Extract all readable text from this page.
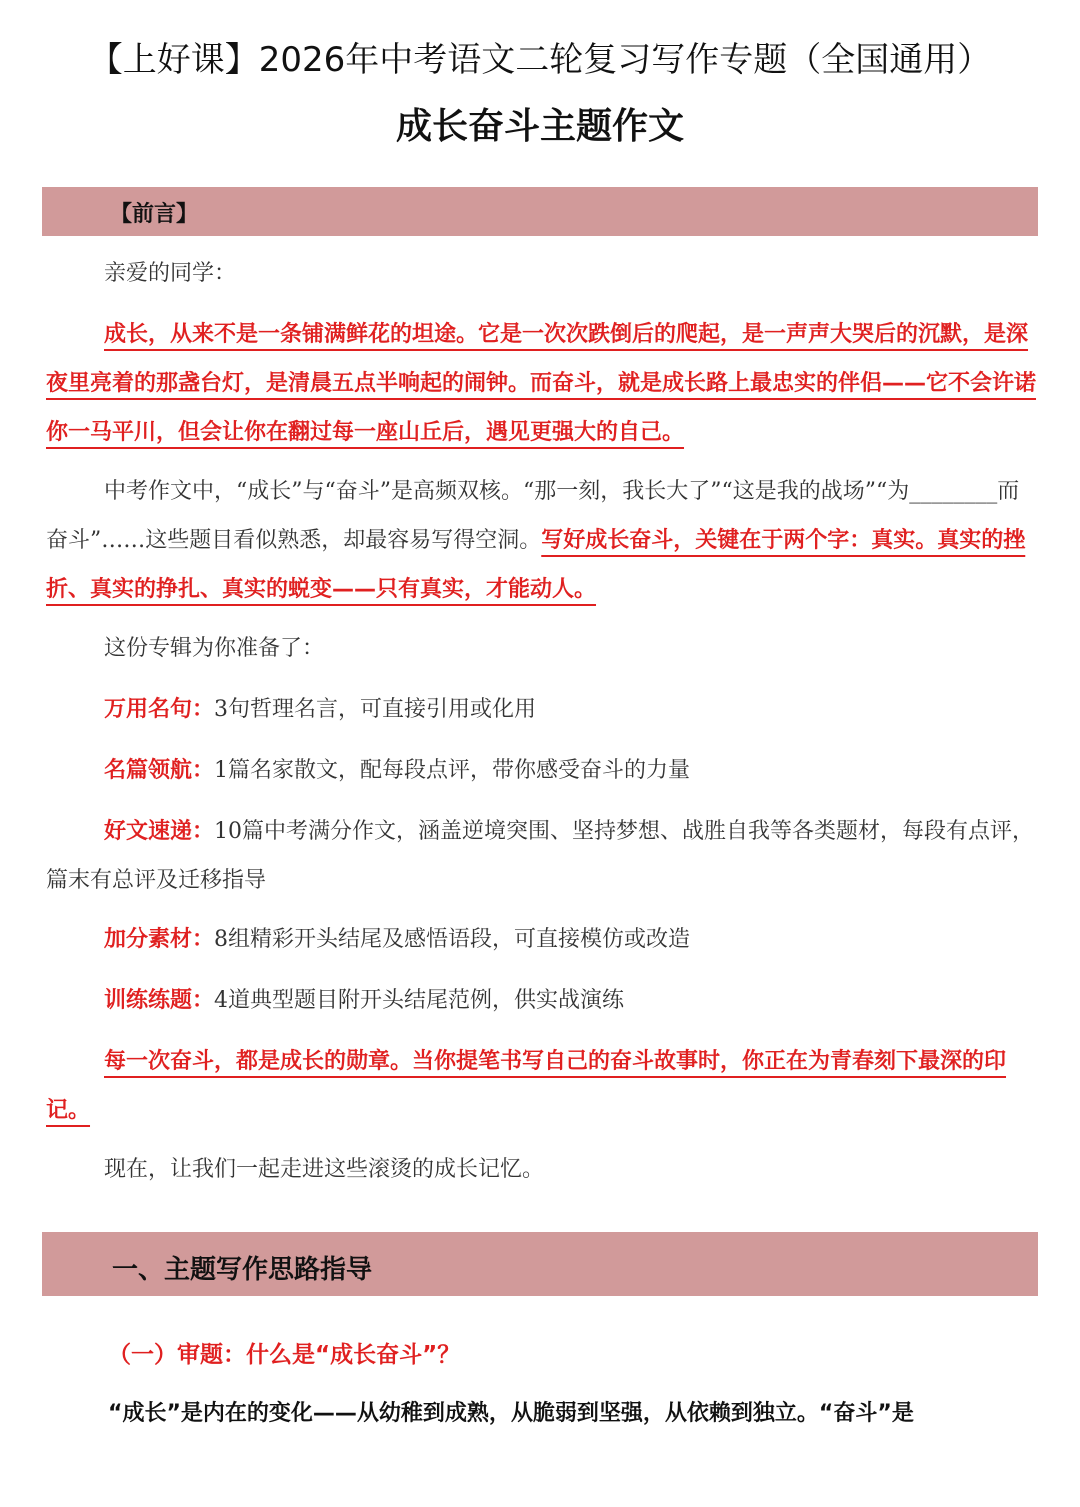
【上好课】2026年中考语文二轮复习写作专题（全国通用）
成长奋斗主题作文
【前言】

亲爱的同学：

成长，从来不是一条铺满鲜花的坦途。它是一次次跌倒后的爬起，是一声声大哭后的沉默，是深夜里亮着的那盏台灯，是清晨五点半响起的闹钟。而奋斗，就是成长路上最忠实的伴侣——它不会许诺你一马平川，但会让你在翻过每一座山丘后，遇见更强大的自己。

中考作文中，“成长”与“奋斗”是高频双核。“那一刻，我长大了”“这是我的战场”“为________而奋斗”……这些题目看似熟悉，却最容易写得空洞。写好成长奋斗，关键在于两个字：真实。真实的挫折、真实的挣扎、真实的蜕变——只有真实，才能动人。

这份专辑为你准备了：

万用名句：3句哲理名言，可直接引用或化用

名篇领航：1篇名家散文，配每段点评，带你感受奋斗的力量

好文速递：10篇中考满分作文，涵盖逆境突围、坚持梦想、战胜自我等各类题材，每段有点评，篇末有总评及迁移指导

加分素材：8组精彩开头结尾及感悟语段，可直接模仿或改造

训练练题：4道典型题目附开头结尾范例，供实战演练

每一次奋斗，都是成长的勋章。当你提笔书写自己的奋斗故事时，你正在为青春刻下最深的印记。

现在，让我们一起走进这些滚烫的成长记忆。

一、主题写作思路指导
（一）审题：什么是“成长奋斗”？
“成长”是内在的变化——从幼稚到成熟，从脆弱到坚强，从依赖到独立。“奋斗”是
